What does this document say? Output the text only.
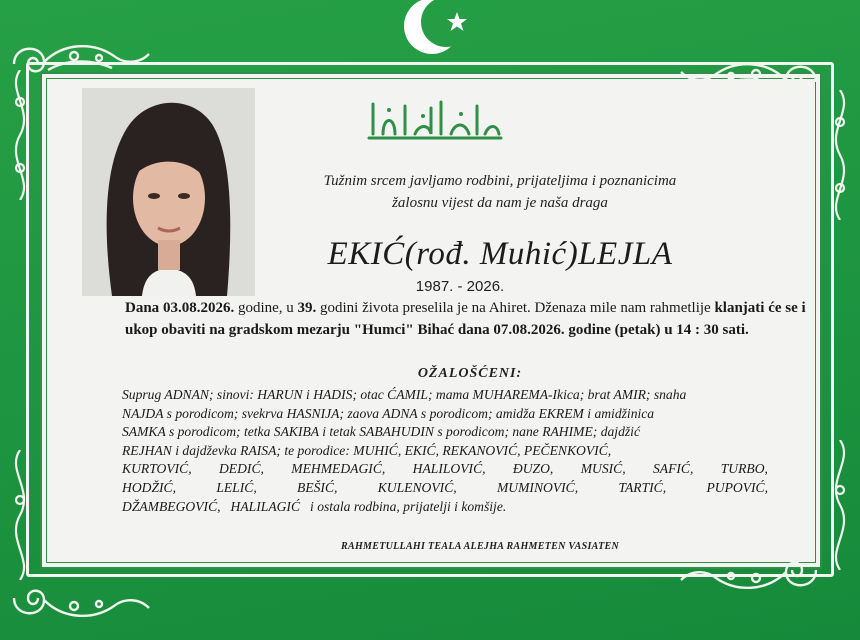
Tužnim srcem javljamo rodbini, prijateljima i poznanicima
žalosnu vijest da nam je naša draga
EKIĆ(rođ. Muhić)LEJLA
1987. - 2026.
Dana 03.08.2026. godine, u 39. godini života preselila je na Ahiret. Dženaza mile nam rahmetlije klanjati će se i ukop obaviti na gradskom mezarju "Humci" Bihać dana 07.08.2026. godine (petak) u 14 : 30 sati.
OŽALOŠĆENI:
Suprug ADNAN; sinovi: HARUN i HADIS; otac ĆAMIL; mama MUHAREMA-Ikica; brat AMIR; snaha
NAJDA s porodicom; svekrva HASNIJA; zaova ADNA s porodicom; amidža EKREM i amidžinica
SAMKA s porodicom; tetka SAKIBA i tetak SABAHUDIN s porodicom; nane RAHIME; dajdžić
REJHAN i dajdževka RAISA; te porodice: MUHIĆ, EKIĆ, REKANOVIĆ, PEČENKOVIĆ,
KURTOVIĆ, DEDIĆ, MEHMEDAGIĆ, HALILOVIĆ, ĐUZO, MUSIĆ, SAFIĆ, TURBO,
HODŽIĆ,	LELIĆ,	BEŠIĆ,	KULENOVIĆ,	MUMINOVIĆ,	TARTIĆ,	PUPOVIĆ,
DŽAMBEGOVIĆ, HALILAGIĆ i ostala rodbina, prijatelji i komšije.
RAHMETULLAHI TEALA ALEJHA RAHMETEN VASIATEN
